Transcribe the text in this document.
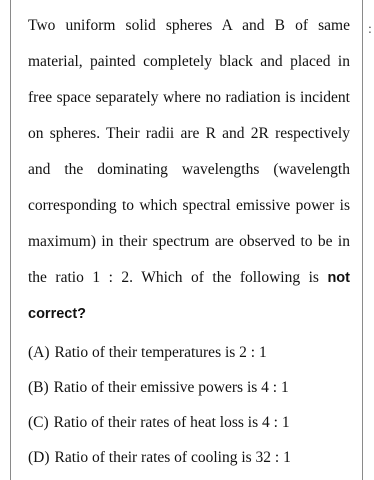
Two uniform solid spheres A and B of same material, painted completely black and placed in free space separately where no radiation is incident on spheres. Their radii are R and 2R respectively and the dominating wavelengths (wavelength corresponding to which spectral emissive power is maximum) in their spectrum are observed to be in the ratio 1 : 2. Which of the following is not correct?

(A) Ratio of their temperatures is 2 : 1
(B) Ratio of their emissive powers is 4 : 1
(C) Ratio of their rates of heat loss is 4 : 1
(D) Ratio of their rates of cooling is 32 : 1
:
